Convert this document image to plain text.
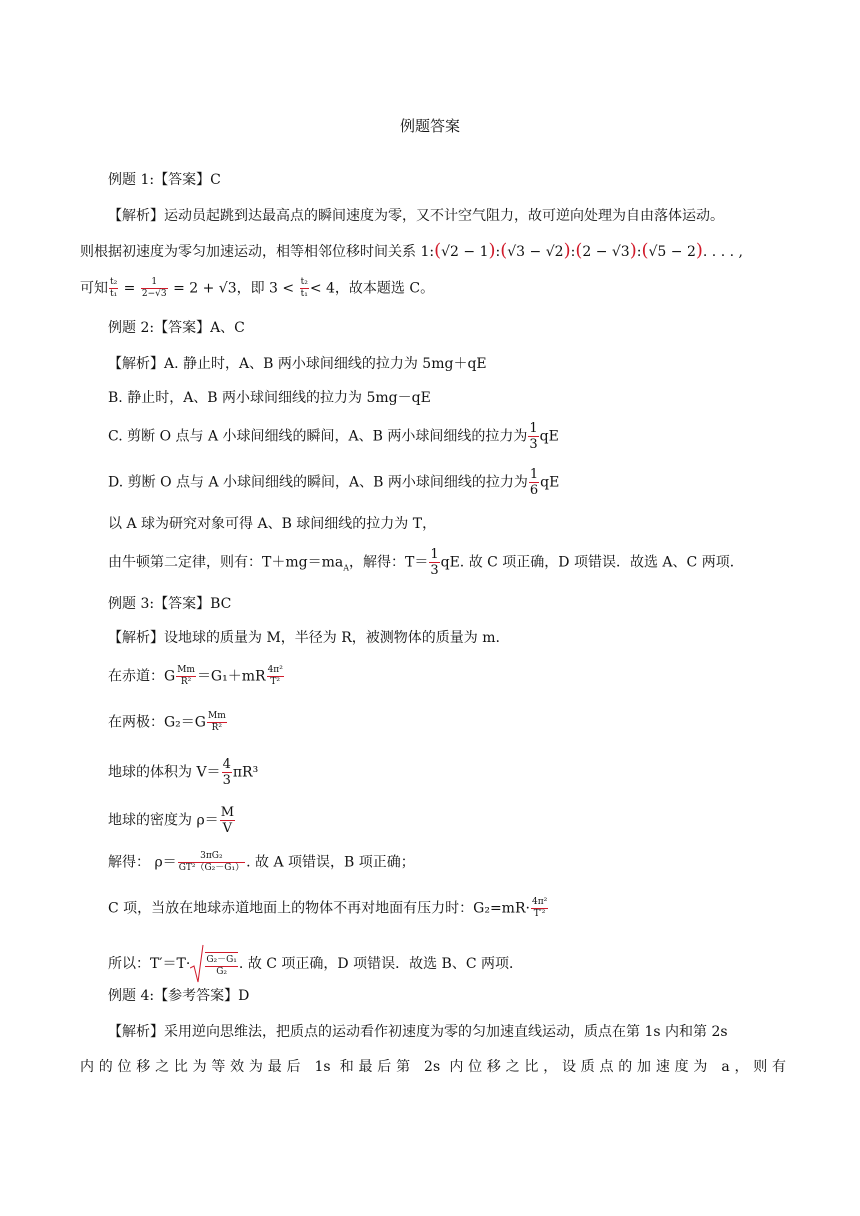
例题答案
例题 1:【答案】C
【解析】运动员起跳到达最高点的瞬间速度为零，又不计空气阻力，故可逆向处理为自由落体运动。
则根据初速度为零匀加速运动，相等相邻位移时间关系 1:(√2 − 1):(√3 − √2):(2 − √3):(√5 − 2). . . . ,
可知 $\frac{\text{t₂}}{\text{t₁}} = \frac{1}{2-√3} = 2 + √3$，即 $3 < \frac{\text{t₂}}{\text{t₁}} < 4$，故本题选 C。
例题 2:【答案】A、C
【解析】A. 静止时，A、B 两小球间细线的拉力为 5mg＋qE
B. 静止时，A、B 两小球间细线的拉力为 5mg－qE
C. 剪断 O 点与 A 小球间细线的瞬间，A、B 两小球间细线的拉力为 $\frac{1}{3}$ qE
D. 剪断 O 点与 A 小球间细线的瞬间，A、B 两小球间细线的拉力为 $\frac{1}{6}$ qE
以 A 球为研究对象可得 A、B 球间细线的拉力为 T，
由牛顿第二定律，则有：$T+mg=ma_A$，解得：$T= \frac{1}{3}$ qE. 故 C 项正确，D 项错误．故选 A、C 两项．
例题 3:【答案】BC
【解析】设地球的质量为 M，半径为 R，被测物体的质量为 m.
在赤道：G $\frac{Mm}{\text{R²}} =G_1+mR \frac{\text{4π²}}{\text{T²}}$
在两极：$G_2=G \frac{Mm}{\text{R²}}$
地球的体积为 $V= \frac{4}{3} \pi R^3$
地球的密度为 $\rho= \frac{M}{V}$
解得： $\rho= \frac{\text{3πG₂}}{\text{GT²（G₂－G₁）}}$ . 故 A 项错误，B 项正确；
C 项，当放在地球赤道地面上的物体不再对地面有压力时：$G_2=mR\cdot \frac{\text{4π²}}{\text{T′²}}$
所以：$T'=T\cdot \frac{\text{G₂－G₁}}{\text{G₂}}$ . 故 C 项正确，D 项错误．故选 B、C 两项．
例题 4:【参考答案】D
【解析】采用逆向思维法，把质点的运动看作初速度为零的匀加速直线运动，质点在第 1s 内和第 2s
内的位移之比为等效为最后 1s 和最后第 2s 内位移之比，设质点的加速度为 a，则有
